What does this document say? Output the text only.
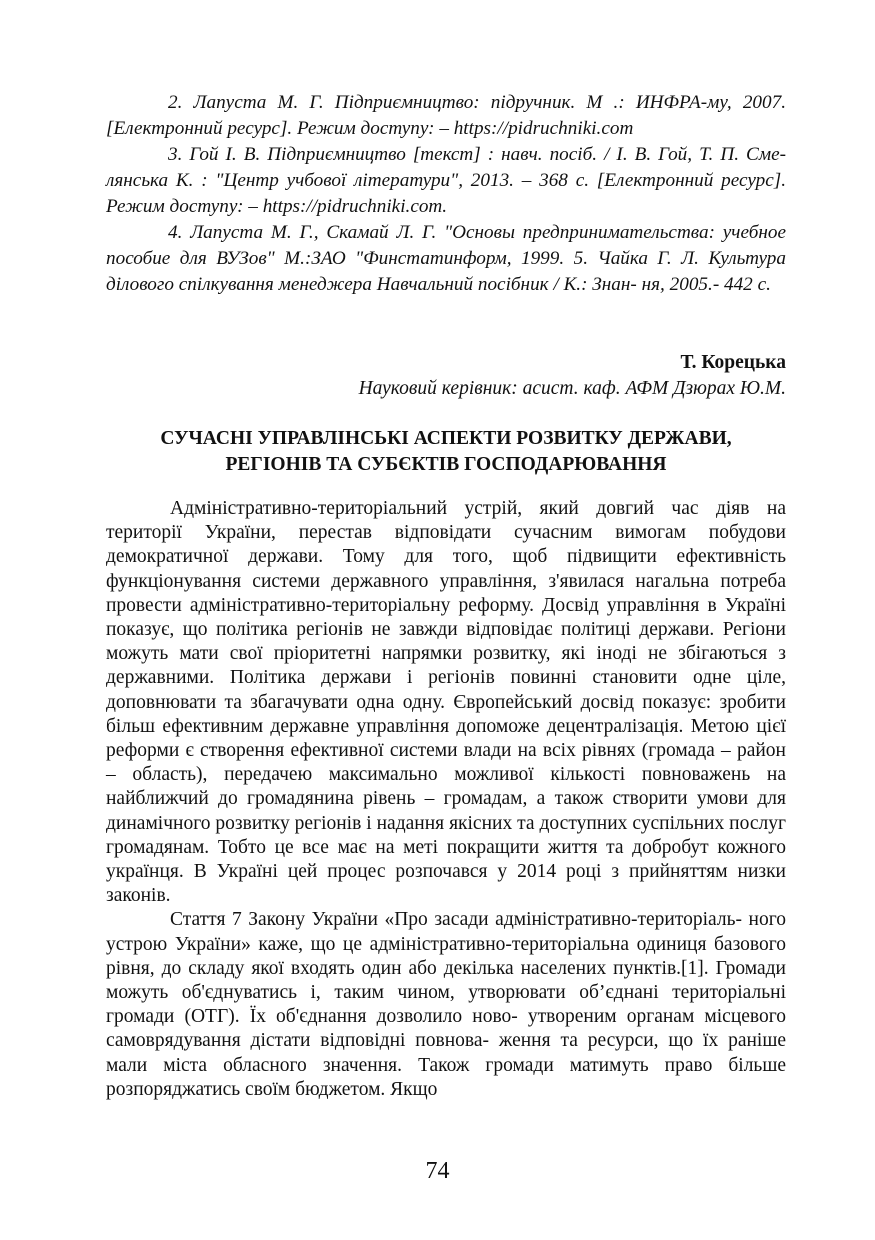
2. Лапуста М. Г. Підприємництво: підручник. М .: ИНФРА-му, 2007. [Електронний ресурс]. Режим доступу: – https://pidruchniki.com

3. Гой І. В. Підприємництво [текст] : навч. посіб. / І. В. Гой, Т. П. Сме- лянська К. : "Центр учбової літератури", 2013. – 368 с. [Електронний ресурс]. Режим доступу: – https://pidruchniki.com.

4. Лапуста М. Г., Скамай Л. Г. "Основы предпринимательства: учебное пособие для ВУЗов" М.:ЗАО "Финстатинформ, 1999. 5. Чайка Г. Л. Культура ділового спілкування менеджера Навчальний посібник / К.: Знан- ня, 2005.- 442 с.

Т. Корецька
Науковий керівник: асист. каф. АФМ Дзюрах Ю.М.
СУЧАСНІ УПРАВЛІНСЬКІ АСПЕКТИ РОЗВИТКУ ДЕРЖАВИ,
РЕГІОНІВ ТА СУБЄКТІВ ГОСПОДАРЮВАННЯ

Адміністративно-територіальний устрій, який довгий час діяв на території України, перестав відповідати сучасним вимогам побудови демократичної держави. Тому для того, щоб підвищити ефективність функціонування системи державного управління, з'явилася нагальна потреба провести адміністративно-територіальну реформу. Досвід управління в Україні показує, що політика регіонів не завжди відповідає політиці держави. Регіони можуть мати свої пріоритетні напрямки розвитку, які іноді не збігаються з державними. Політика держави і регіонів повинні становити одне ціле, доповнювати та збагачувати одна одну. Європейський досвід показує: зробити більш ефективним державне управління допоможе децентралізація. Метою цієї реформи є створення ефективної системи влади на всіх рівнях (громада – район – область), передачею максимально можливої кількості повноважень на найближчий до громадянина рівень – громадам, а також створити умови для динамічного розвитку регіонів і надання якісних та доступних суспільних послуг громадянам. Тобто це все має на меті покращити життя та добробут кожного українця. В Україні цей процес розпочався у 2014 році з прийняттям низки законів.

Стаття 7 Закону України «Про засади адміністративно-територіаль- ного устрою України» каже, що це адміністративно-територіальна одиниця базового рівня, до складу якої входять один або декілька населених пунктів.[1]. Громади можуть об'єднуватись і, таким чином, утворювати об’єднані територіальні громади (ОТГ). Їх об'єднання дозволило ново- утвореним органам місцевого самоврядування дістати відповідні повнова- ження та ресурси, що їх раніше мали міста обласного значення. Також громади матимуть право більше розпоряджатись своїм бюджетом. Якщо

74
